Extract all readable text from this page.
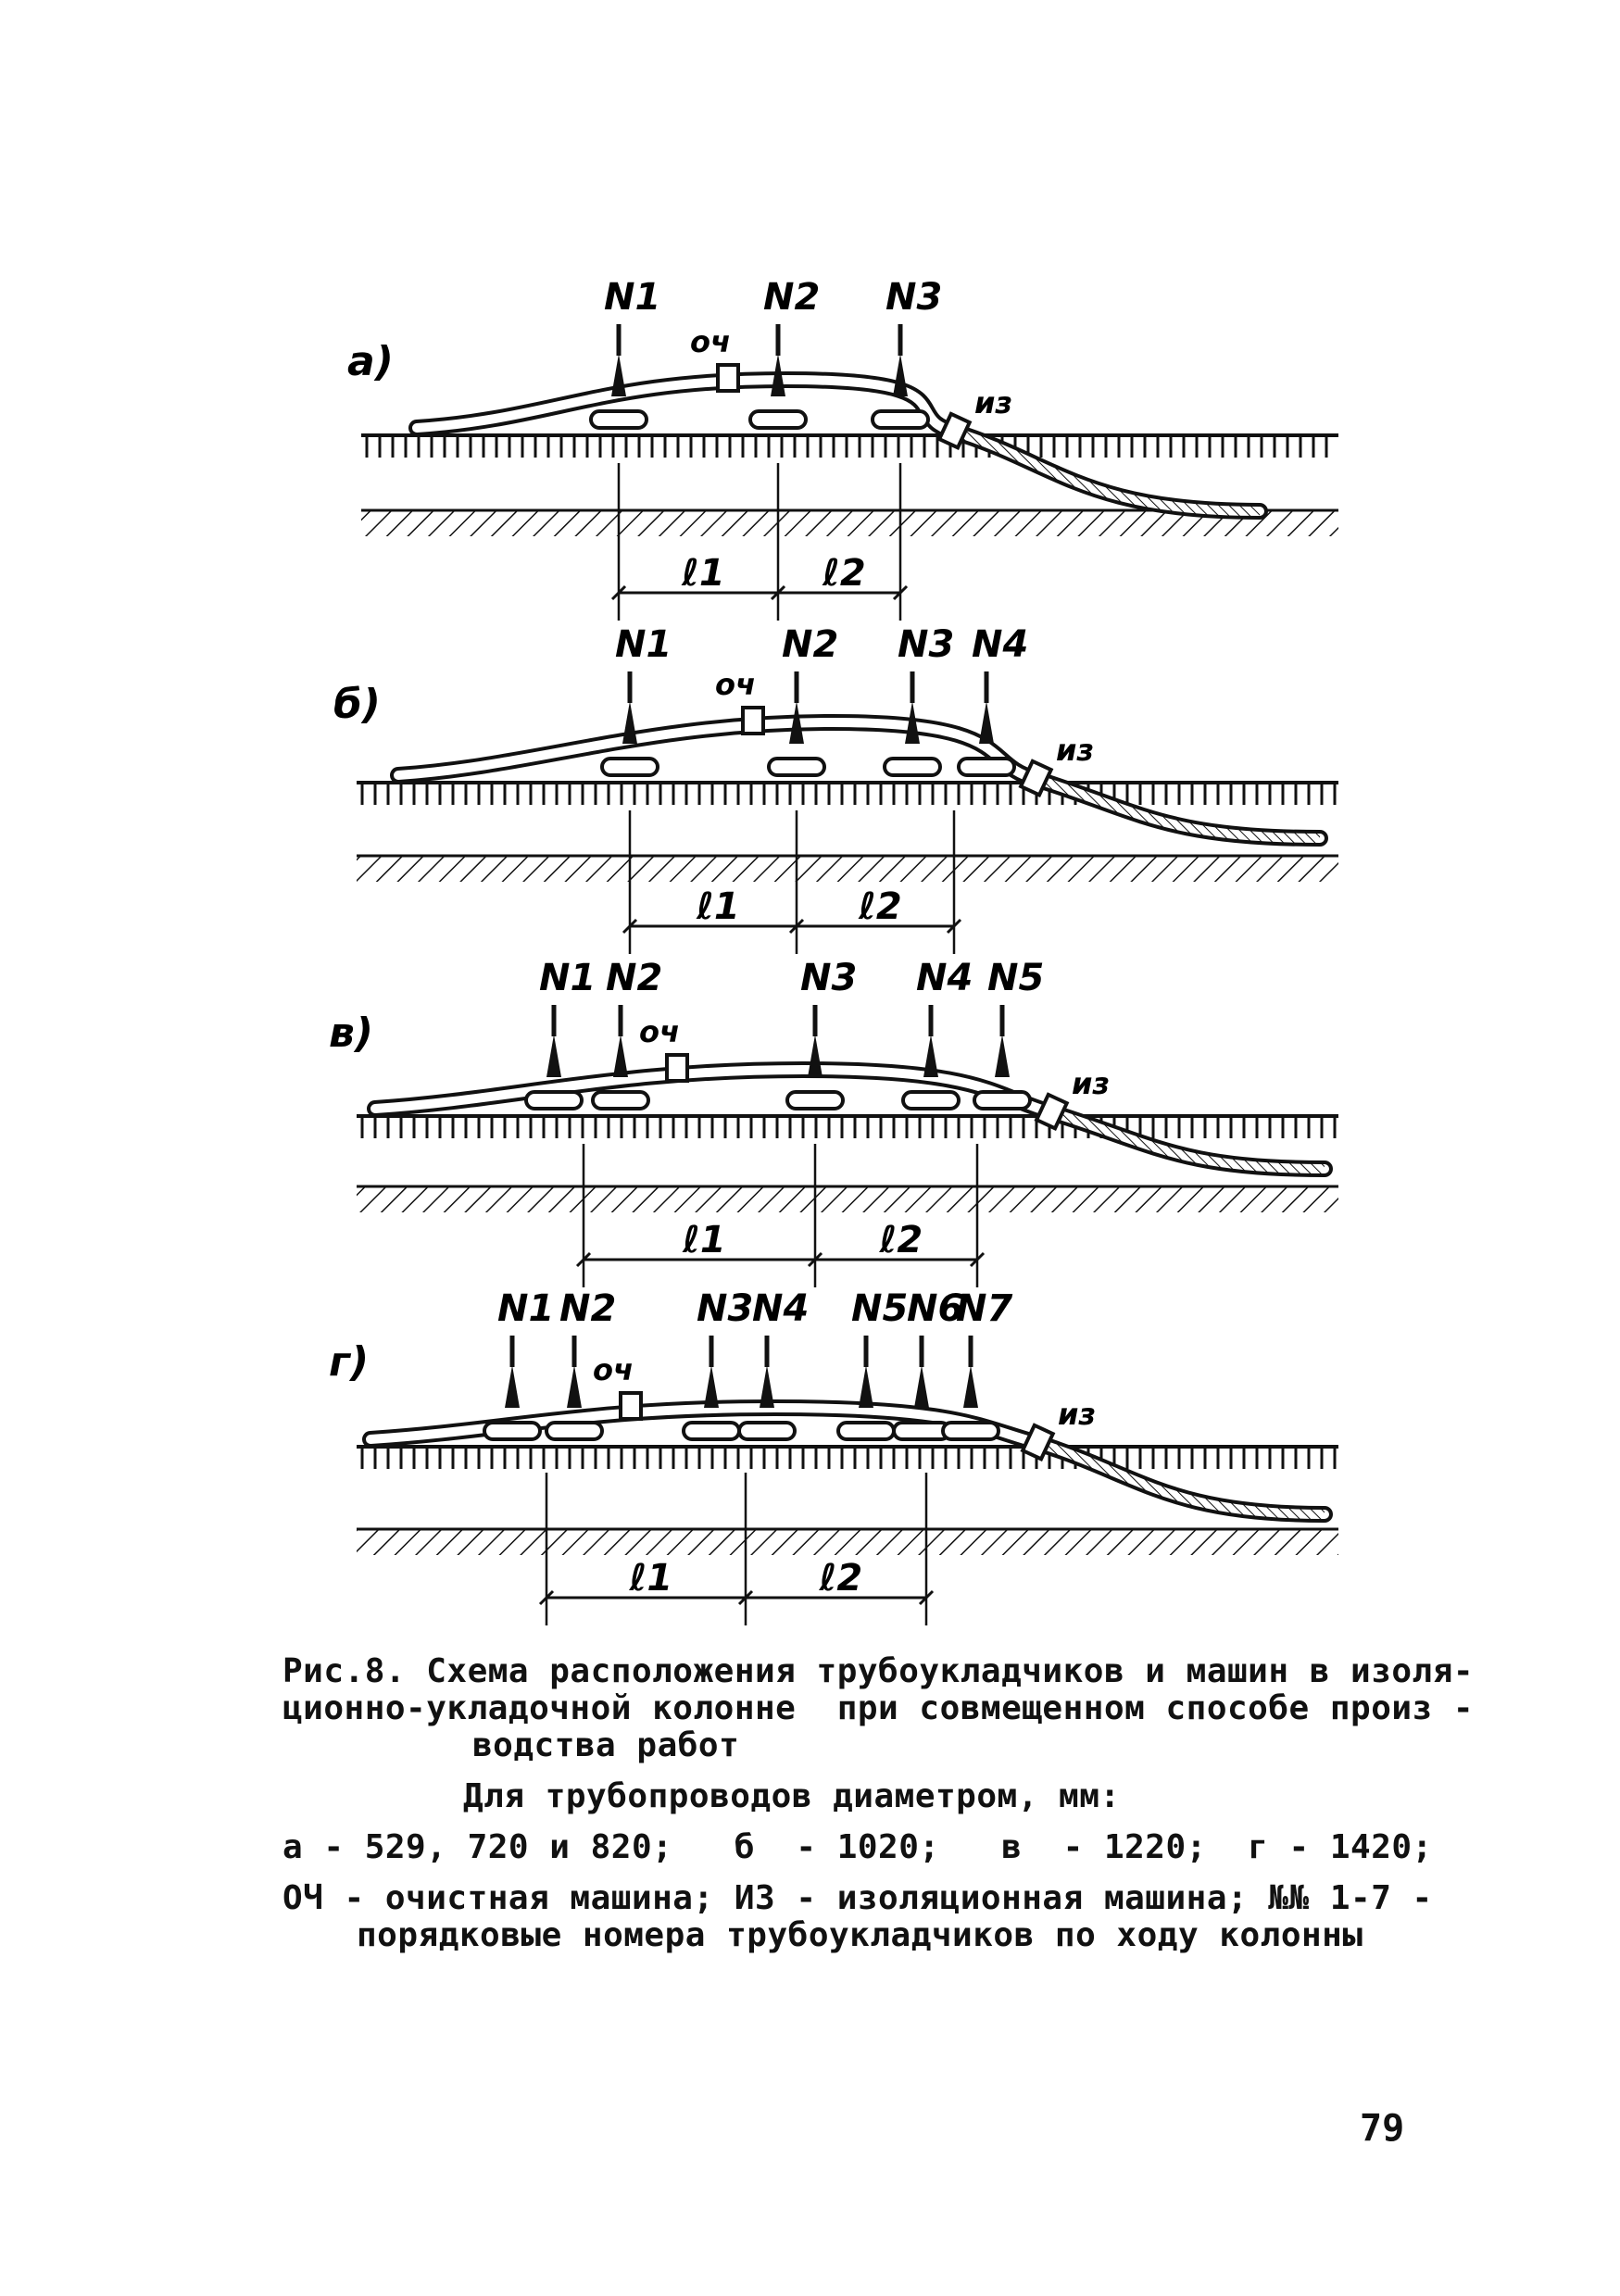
a)
N1	N2 N3
оч
из
ℓ1	ℓ2
б)
N1	N2 N3 N4
оч
из
ℓ1	ℓ2
в)
N1 N2	N3 N4 N5
оч
из
ℓ1	ℓ2
г)
N1 N2 N3
N4 N5
N6
N7
оч
из
ℓ1	ℓ2
Рис.8. Схема расположения трубоукладчиков и машин в изоля-
ционно-укладочной колонне  при совмещенном способе произ -
водства работ
Для трубопроводов диаметром, мм:
а - 529, 720 и 820;   б  - 1020;   в  - 1220;  г - 1420;
ОЧ - очистная машина; ИЗ - изоляционная машина; №№ 1-7 -
порядковые номера трубоукладчиков по ходу колонны
79
